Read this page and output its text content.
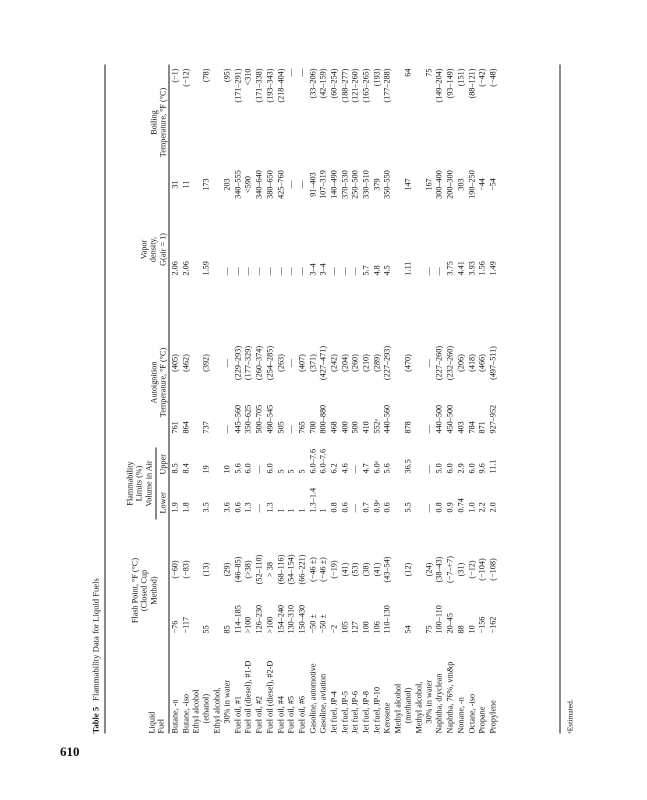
610
Table 5Flammability Data for Liquid Fuels
Liquid Fuel
Flash Point, °F (°C) (Closed Cup Method)
Flammability Limits (%) Volume in Air Lower
Upper
Autoignition Temperature, °F (°C)
Vapor density, G(air = 1)
Boiling Temperature, °F (°C)
Butane, -n
−76
(−60)
1.9
8.5
761
(405)
2.06
31
(−1)
Butane, -iso
−117
(−83)
1.8
8.4
864
(462)
2.06
11
(−12)
Ethyl alcohol (ethanol)
55
(13)
3.5
19
737
(392)
1.59
173
(78)
Ethyl alcohol, 30% in water
85
(29)
3.6
10
—
—
—
203
(95)
Fuel oil, #1
114–185
(46–85)
0.6
5.6
445–560
(229–293)
—
340–555
(171–291)
Fuel oil (diesel), #1-D
>100
(>38)
1.3
6.0
350–625
(177–329)
—
<590
<310
Fuel oil, #2
126–230
(52–110)
—
—
500–705
(260–374)
—
340–640
(171–338)
Fuel oil (diesel), #2-D
>100
> 38
1.3
6.0
490–545
(254–285)
—
380–650
(193–343)
Fuel oil, #4
154–240
(68–116)
1
5
505
(263)
—
425–760
(218–404)
Fuel oil, #5
130–310
(54–154)
1
5
—
—
—
—
—
Fuel oil, #6
150–430
(66–221)
1
5
765
(407)
—
—
—
Gasoline, automotive
−50 ±
(−46 ±)
1.3–1.4
6.0–7.6
700
(371)
3–4
91–403
(33–206)
Gasoline, aviation
−50 ±
(−46 ±)
1
6.0–7.6
800–880
(427–471)
3–4
107–319
(42–159)
Jet fuel, JP-4
−2
(−19)
0.8
6.2
468
(242)
—
140–490
(60–254)
Jet fuel, JP-5
105
(41)
0.6
4.6
400
(204)
—
370–530
(188–277)
Jet fuel, JP-6
127
(53)
—
—
500
(260)
—
250–500
(121–260)
Jet fuel, JP-8
100
(38)
0.7
4.7
410
(210)
5.7
330–510
(165–265)
Jet fuel, JP-10
106
(41)
0.9ᵃ
6.0ᵃ
552ᵃ
(289)
4.8
379
(193)
Kerosene
110–130
(43–54)
0.6
5.6
440–560
(227–293)
4.5
350–550
(177–288)
Methyl alcohol (methanol)
54
(12)
5.5
36.5
878
(470)
1.11
147
64
Methyl alcohol, 30% in water
75
(24)
—
—
—
—
—
167
75
Naphtha, dryclean
100–110
(38–43)
0.8
5.0
440–500
(227–260)
—
300–400
(149–204)
Naphtha, 76%, vm&p
20–45
(−7–+7)
0.9
6.0
450–500
(232–260)
3.75
200–300
(93–149)
Nonane, -n
88
(31)
0.74
2.9
403
(206)
4.41
303
(151)
Octane, -iso
10
(−12)
1.0
6.0
784
(418)
3.93
190–250
(88–121)
Propane
−156
(−104)
2.2
9.6
871
(466)
1.56
−44
(−42)
Propylene
−162
(−108)
2.0
11.1
927–952
(497–511)
1.49
−54
(−48)
ᵃEstimated.
